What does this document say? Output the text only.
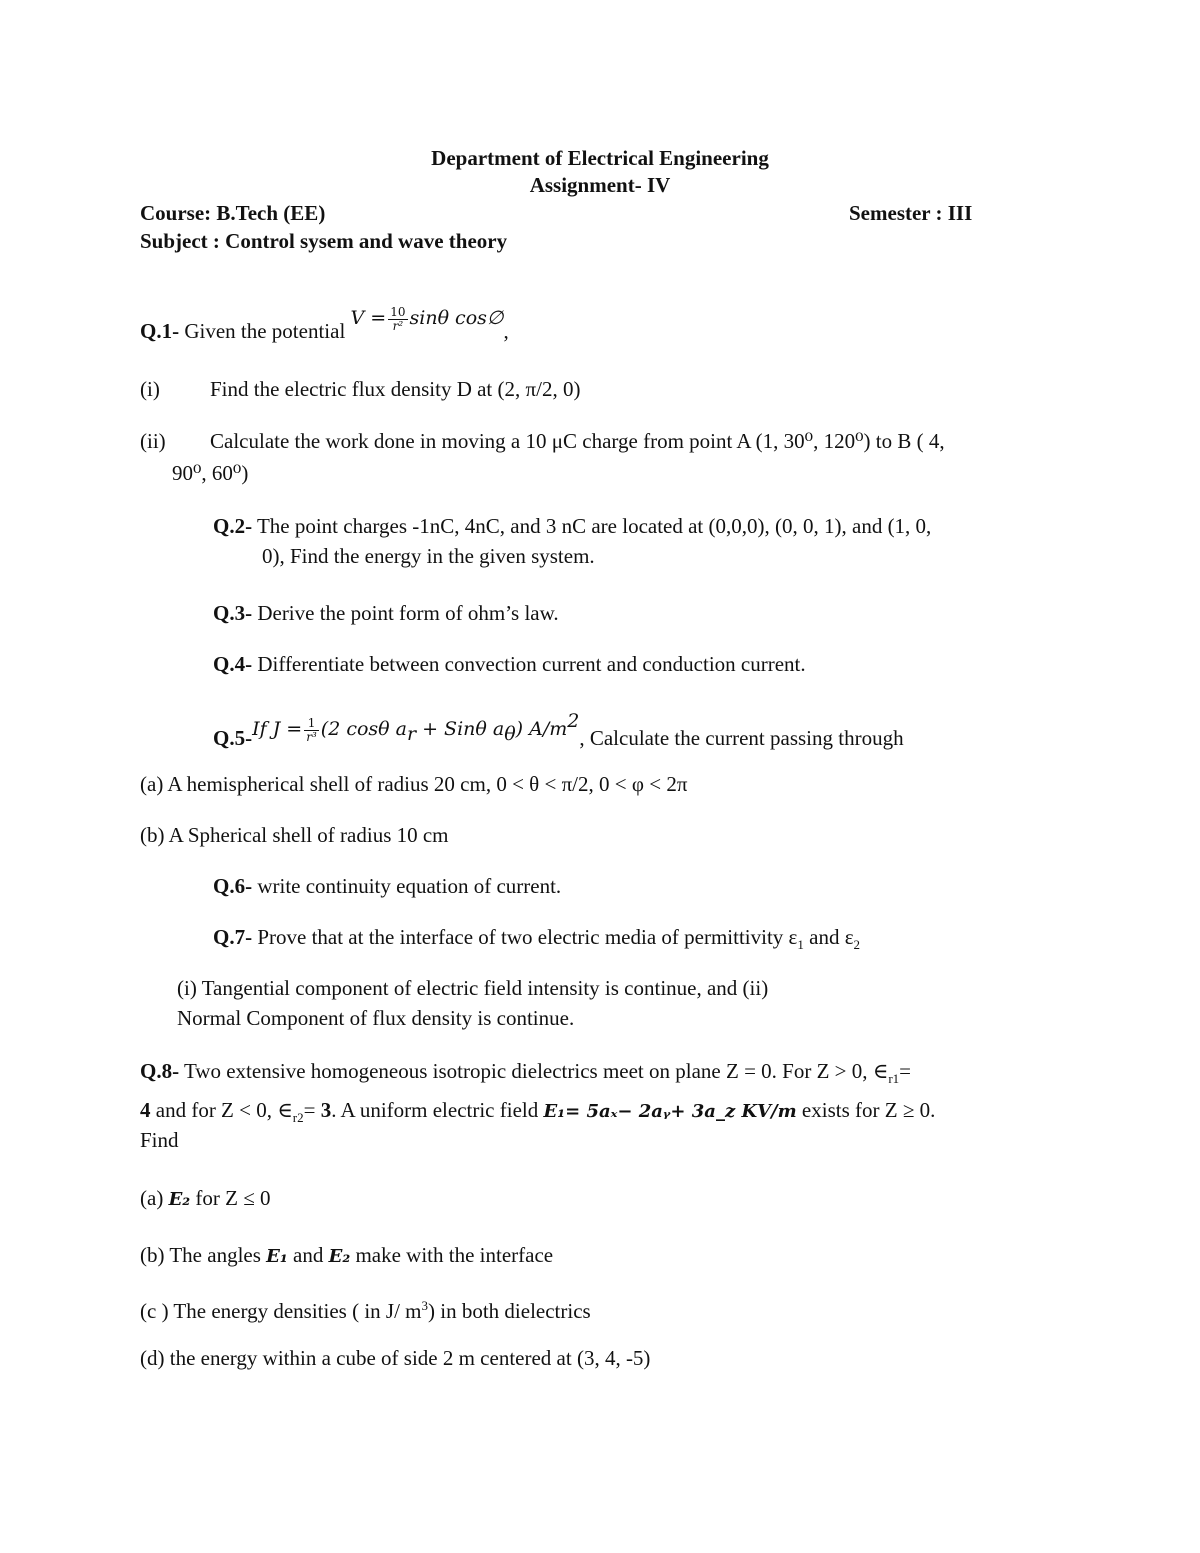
Department of Electrical Engineering
Assignment- IV
Course: B.Tech (EE)	Semester : III
Subject : Control sysem and wave theory
Q.1- Given the potential $V = \frac{10}{\text{r²}}$ sinθ cos∅,
(i) Find the electric flux density D at (2, π/2, 0)
(ii) Calculate the work done in moving a 10 μC charge from point A (1, 30⁰, 120⁰) to B ( 4,
90⁰, 60⁰)
Q.2- The point charges -1nC, 4nC, and 3 nC are located at (0,0,0), (0, 0, 1), and (1, 0,
0), Find the energy in the given system.
Q.3- Derive the point form of ohm’s law.
Q.4- Differentiate between convection current and conduction current.
Q.5-If $J = \frac{1}{\text{r³}} (2$ cosθ $a_r + Sin\theta$ $a_\theta$) $A/m^2$, Calculate the current passing through
(a) A hemispherical shell of radius 20 cm, 0 < θ < π/2, 0 < φ < 2π
(b) A Spherical shell of radius 10 cm
Q.6- write continuity equation of current.
Q.7- Prove that at the interface of two electric media of permittivity $\varepsilon_1$ and $\varepsilon_2$
(i) Tangential component of electric field intensity is continue, and (ii)
Normal Component of flux density is continue.
Q.8- Two extensive homogeneous isotropic dielectrics meet on plane Z = 0. For Z > 0, $\in_{r1}=$
4 and for Z < 0, $\in_{r2}= 3$. A uniform electric field E₁= 5aₓ− 2aᵧ+ 3a_z KV/m exists for Z ≥ 0.
Find
(a) E₂ for Z ≤ 0
(b) The angles E₁ and E₂ make with the interface
(c ) The energy densities ( in J/ $m^3$) in both dielectrics
(d) the energy within a cube of side 2 m centered at (3, 4, -5)
